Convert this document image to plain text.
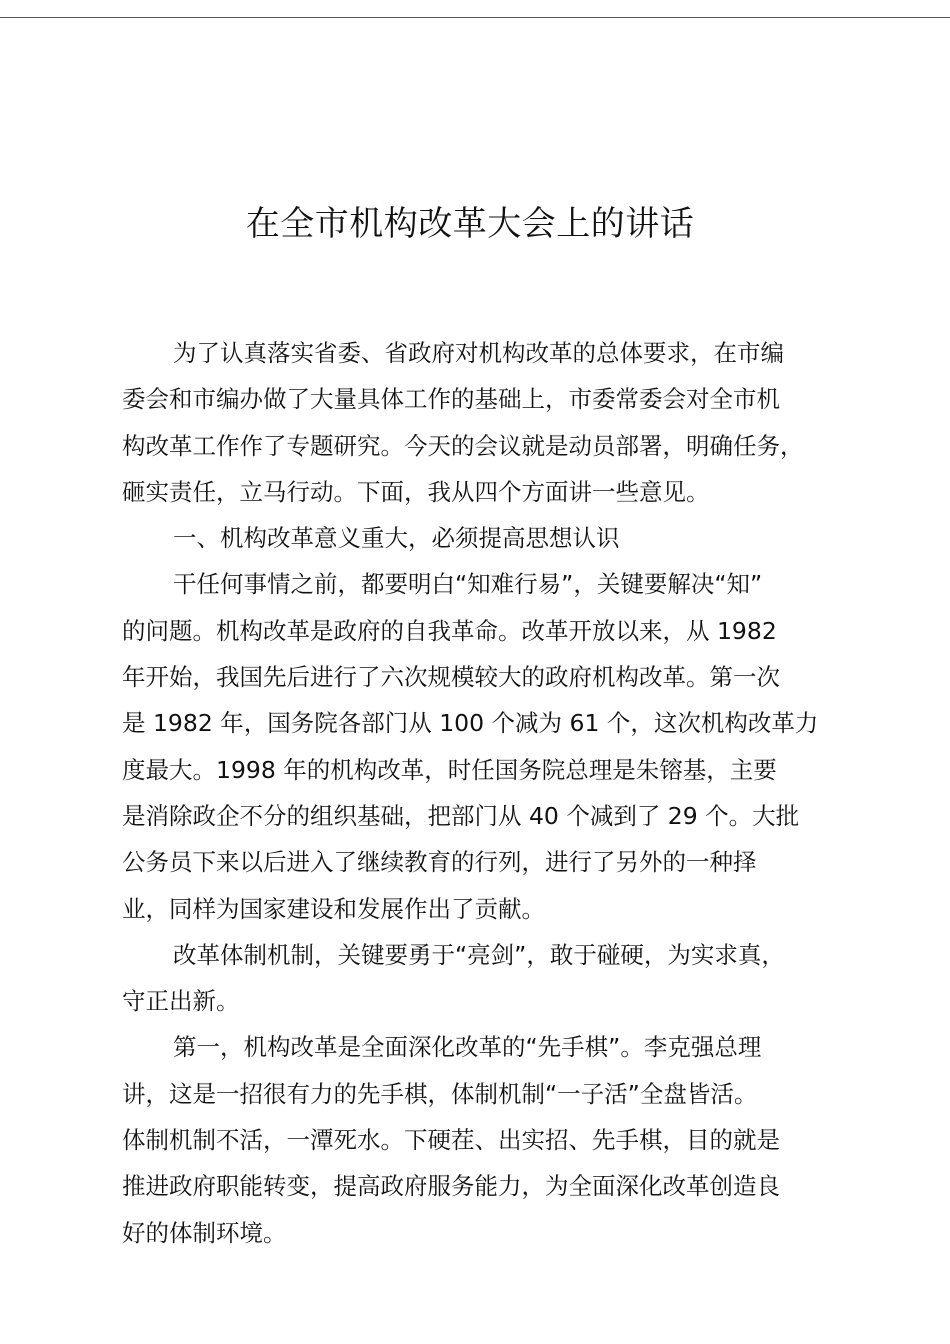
在全市机构改革大会上的讲话
为了认真落实省委、省政府对机构改革的总体要求，在市编
委会和市编办做了大量具体工作的基础上，市委常委会对全市机
构改革工作作了专题研究。今天的会议就是动员部署，明确任务，
砸实责任，立马行动。下面，我从四个方面讲一些意见。
一、机构改革意义重大，必须提高思想认识
干任何事情之前，都要明白“知难行易”，关键要解决“知”
的问题。机构改革是政府的自我革命。改革开放以来，从 1982
年开始，我国先后进行了六次规模较大的政府机构改革。第一次
是 1982 年，国务院各部门从 100 个减为 61 个，这次机构改革力
度最大。1998 年的机构改革，时任国务院总理是朱镕基，主要
是消除政企不分的组织基础，把部门从 40 个减到了 29 个。大批
公务员下来以后进入了继续教育的行列，进行了另外的一种择
业，同样为国家建设和发展作出了贡献。
改革体制机制，关键要勇于“亮剑”，敢于碰硬，为实求真，
守正出新。
第一，机构改革是全面深化改革的“先手棋”。李克强总理
讲，这是一招很有力的先手棋，体制机制“一子活”全盘皆活。
体制机制不活，一潭死水。下硬茬、出实招、先手棋，目的就是
推进政府职能转变，提高政府服务能力，为全面深化改革创造良
好的体制环境。
